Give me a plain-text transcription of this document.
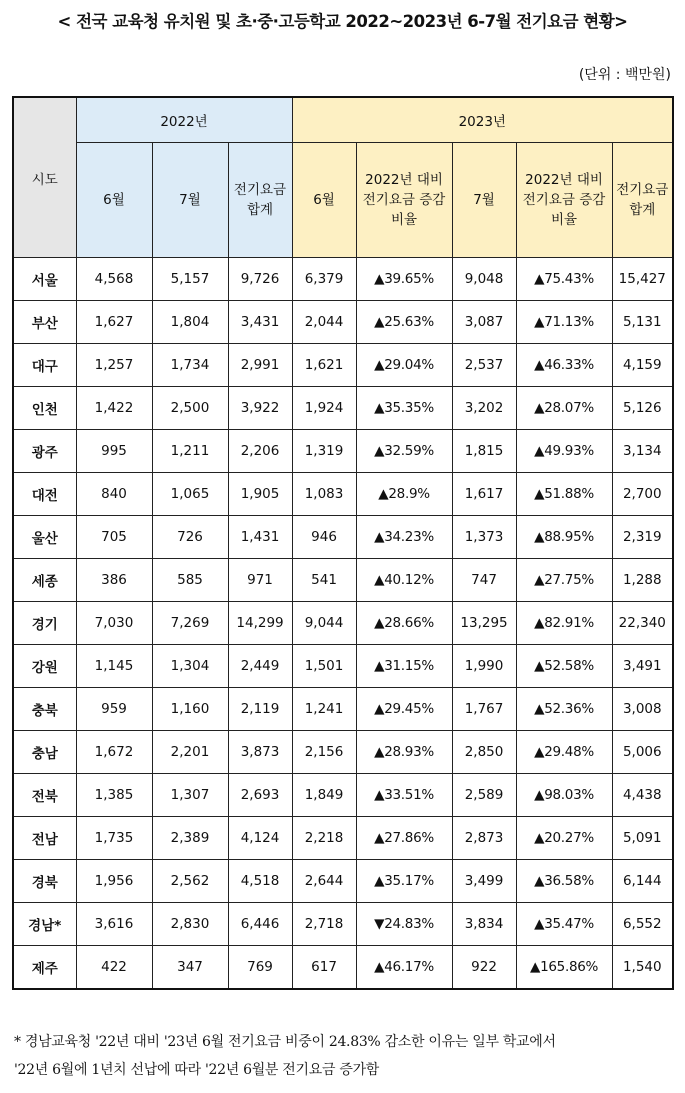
< 전국 교육청 유치원 및 초·중·고등학교 2022~2023년 6-7월 전기요금 현황>
(단위 : 백만원)
시도	2022년			2023년				
	6월	7월	전기요금 합계	6월	2022년 대비 전기요금 증감비율	7월	2022년 대비 전기요금 증감비율	전기요금 합계
서울	4,568	5,157	9,726	6,379	▲39.65%	9,048	▲75.43%	15,427
부산	1,627	1,804	3,431	2,044	▲25.63%	3,087	▲71.13%	5,131
대구	1,257	1,734	2,991	1,621	▲29.04%	2,537	▲46.33%	4,159
인천	1,422	2,500	3,922	1,924	▲35.35%	3,202	▲28.07%	5,126
광주	995	1,211	2,206	1,319	▲32.59%	1,815	▲49.93%	3,134
대전	840	1,065	1,905	1,083	▲28.9%	1,617	▲51.88%	2,700
울산	705	726	1,431	946	▲34.23%	1,373	▲88.95%	2,319
세종	386	585	971	541	▲40.12%	747	▲27.75%	1,288
경기	7,030	7,269	14,299	9,044	▲28.66%	13,295	▲82.91%	22,340
강원	1,145	1,304	2,449	1,501	▲31.15%	1,990	▲52.58%	3,491
충북	959	1,160	2,119	1,241	▲29.45%	1,767	▲52.36%	3,008
충남	1,672	2,201	3,873	2,156	▲28.93%	2,850	▲29.48%	5,006
전북	1,385	1,307	2,693	1,849	▲33.51%	2,589	▲98.03%	4,438
전남	1,735	2,389	4,124	2,218	▲27.86%	2,873	▲20.27%	5,091
경북	1,956	2,562	4,518	2,644	▲35.17%	3,499	▲36.58%	6,144
경남*	3,616	2,830	6,446	2,718	▼24.83%	3,834	▲35.47%	6,552
제주	422	347	769	617	▲46.17%	922	▲165.86%	1,540
* 경남교육청 '22년 대비 '23년 6월 전기요금 비중이 24.83% 감소한 이유는 일부 학교에서
'22년 6월에 1년치 선납에 따라 '22년 6월분 전기요금 증가함
